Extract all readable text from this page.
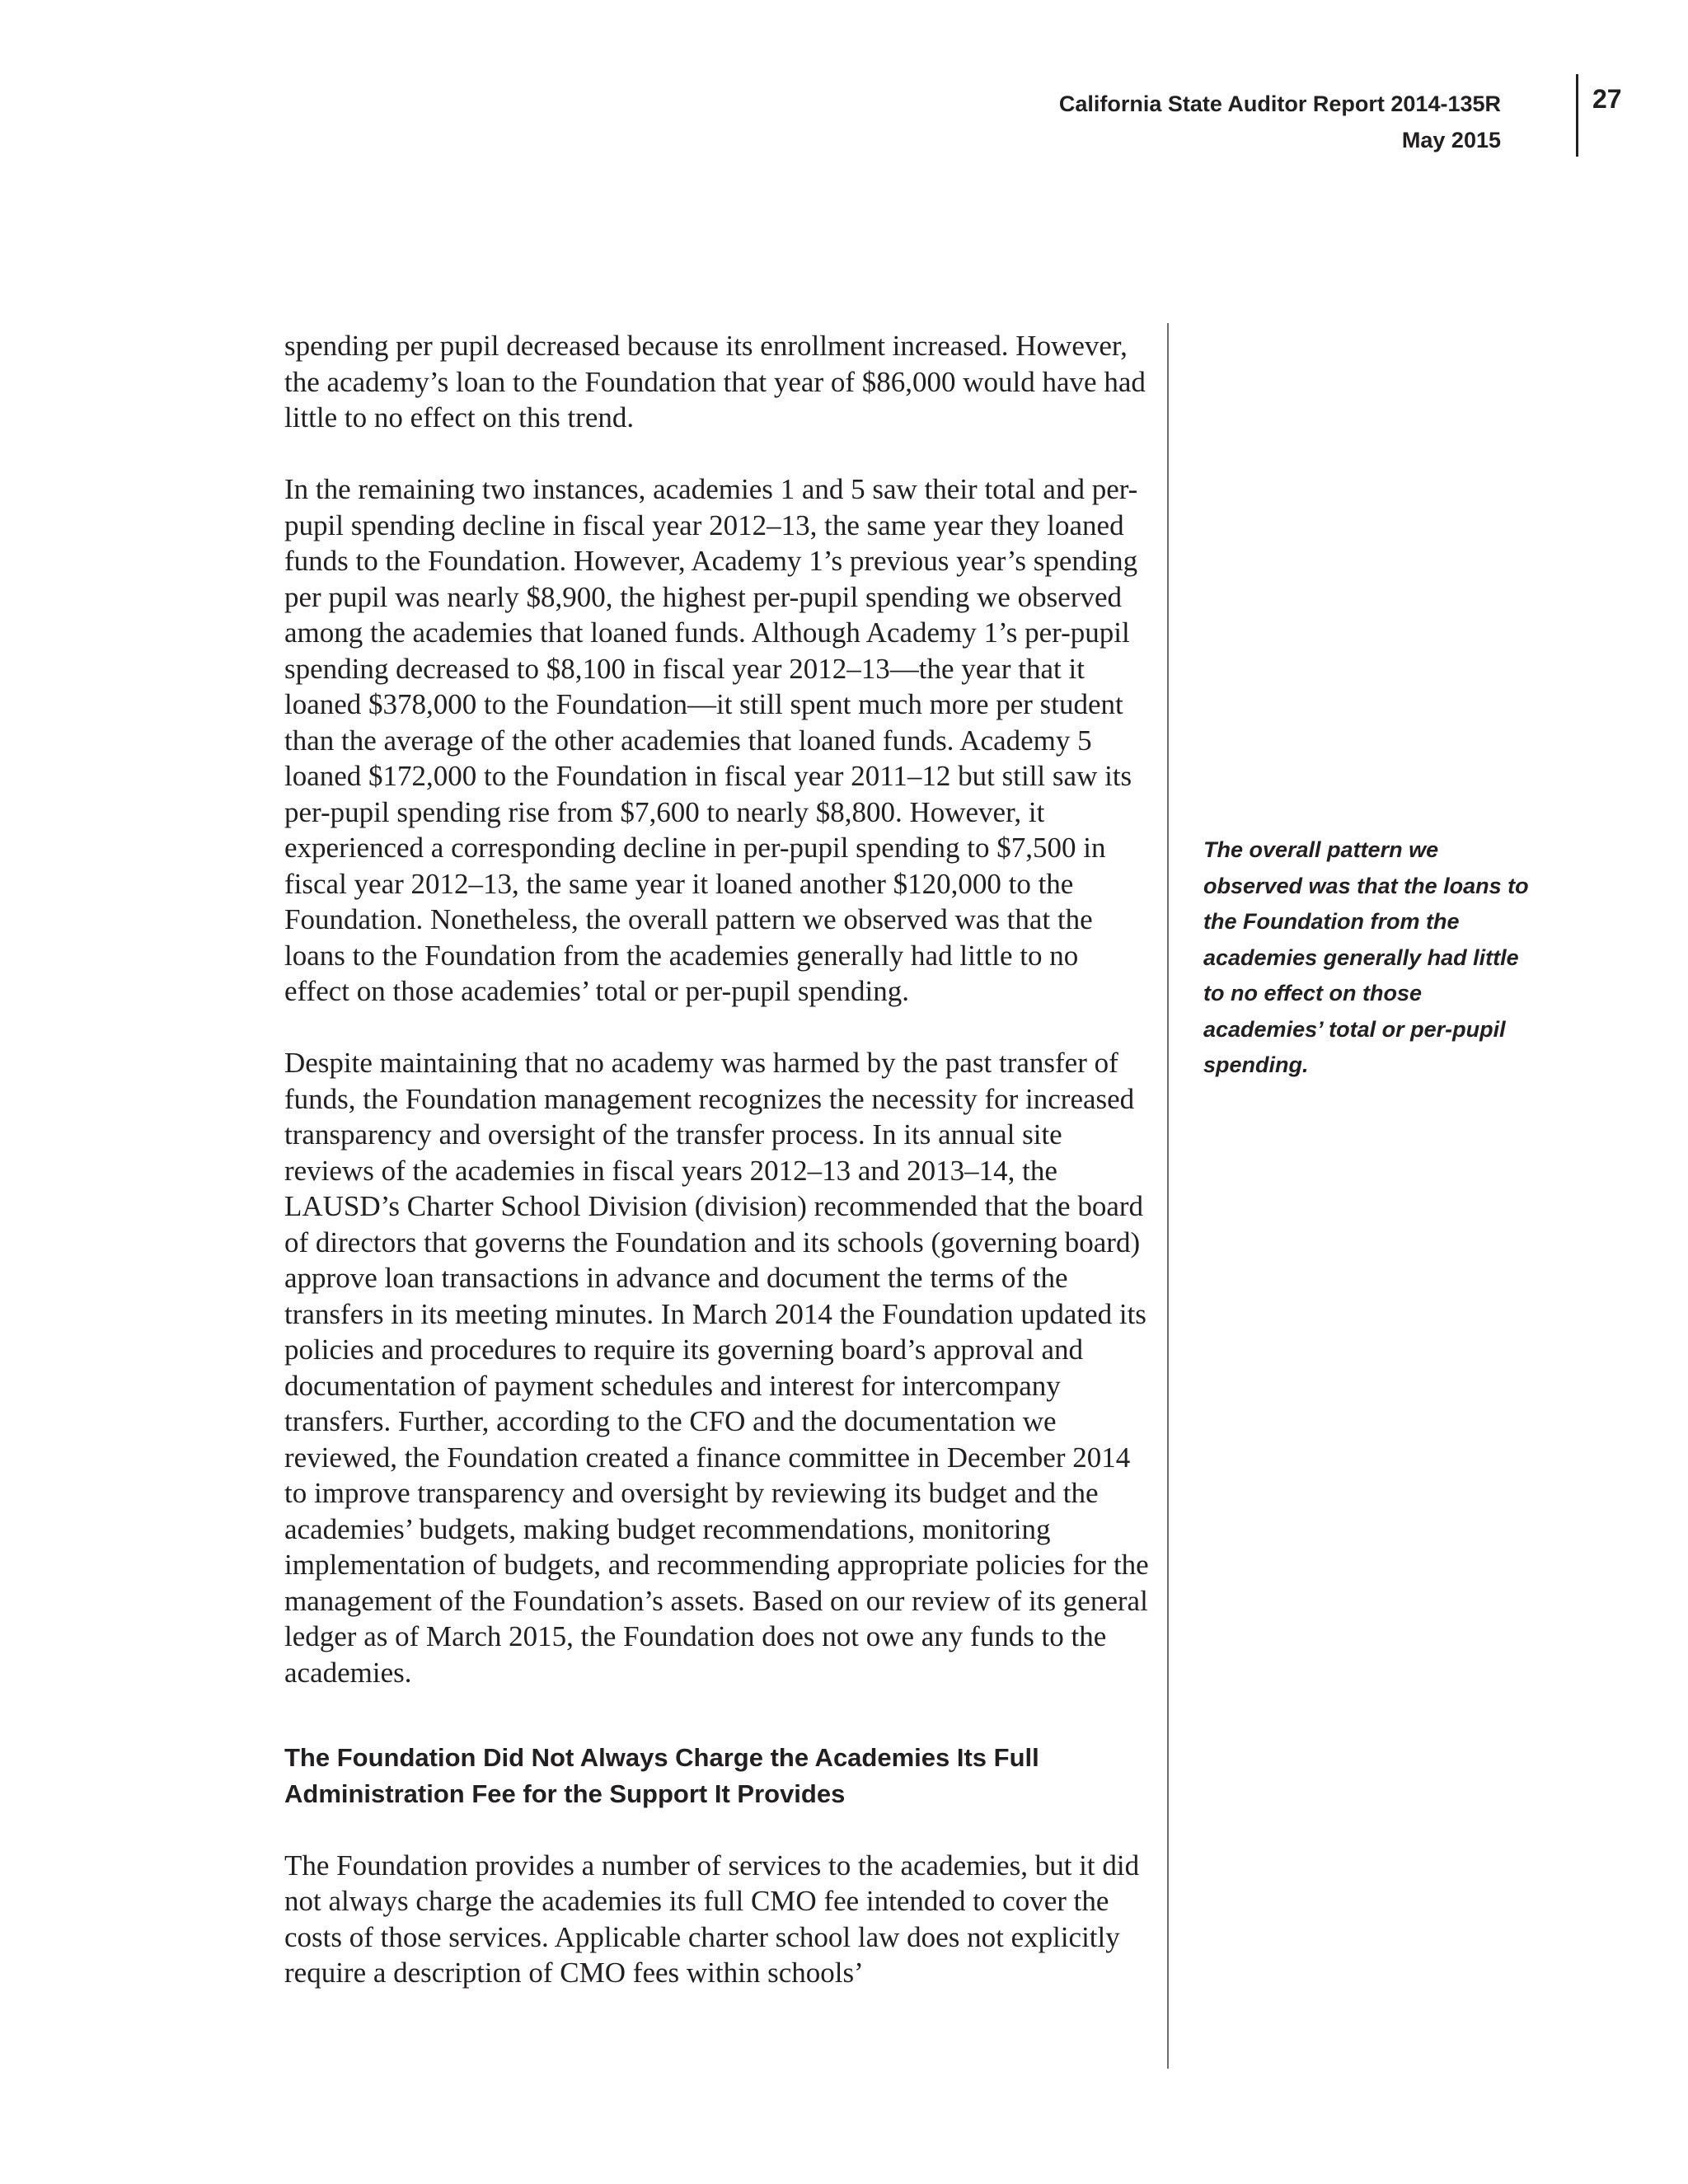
California State Auditor Report 2014-135R
May 2015
27

spending per pupil decreased because its enrollment increased. However, the academy’s loan to the Foundation that year of $86,000 would have had little to no effect on this trend.

In the remaining two instances, academies 1 and 5 saw their total and per-pupil spending decline in fiscal year 2012–13, the same year they loaned funds to the Foundation. However, Academy 1’s previous year’s spending per pupil was nearly $8,900, the highest per-pupil spending we observed among the academies that loaned funds. Although Academy 1’s per-pupil spending decreased to $8,100 in fiscal year 2012–13—the year that it loaned $378,000 to the Foundation—it still spent much more per student than the average of the other academies that loaned funds. Academy 5 loaned $172,000 to the Foundation in fiscal year 2011–12 but still saw its per-pupil spending rise from $7,600 to nearly $8,800. However, it experienced a corresponding decline in per-pupil spending to $7,500 in fiscal year 2012–13, the same year it loaned another $120,000 to the Foundation. Nonetheless, the overall pattern we observed was that the loans to the Foundation from the academies generally had little to no effect on those academies’ total or per-pupil spending.

Despite maintaining that no academy was harmed by the past transfer of funds, the Foundation management recognizes the necessity for increased transparency and oversight of the transfer process. In its annual site reviews of the academies in fiscal years 2012–13 and 2013–14, the LAUSD’s Charter School Division (division) recommended that the board of directors that governs the Foundation and its schools (governing board) approve loan transactions in advance and document the terms of the transfers in its meeting minutes. In March 2014 the Foundation updated its policies and procedures to require its governing board’s approval and documentation of payment schedules and interest for intercompany transfers. Further, according to the CFO and the documentation we reviewed, the Foundation created a finance committee in December 2014 to improve transparency and oversight by reviewing its budget and the academies’ budgets, making budget recommendations, monitoring implementation of budgets, and recommending appropriate policies for the management of the Foundation’s assets. Based on our review of its general ledger as of March 2015, the Foundation does not owe any funds to the academies.

The Foundation Did Not Always Charge the Academies Its Full Administration Fee for the Support It Provides

The Foundation provides a number of services to the academies, but it did not always charge the academies its full CMO fee intended to cover the costs of those services. Applicable charter school law does not explicitly require a description of CMO fees within schools’

The overall pattern we observed was that the loans to the Foundation from the academies generally had little to no effect on those academies’ total or per-pupil spending.
